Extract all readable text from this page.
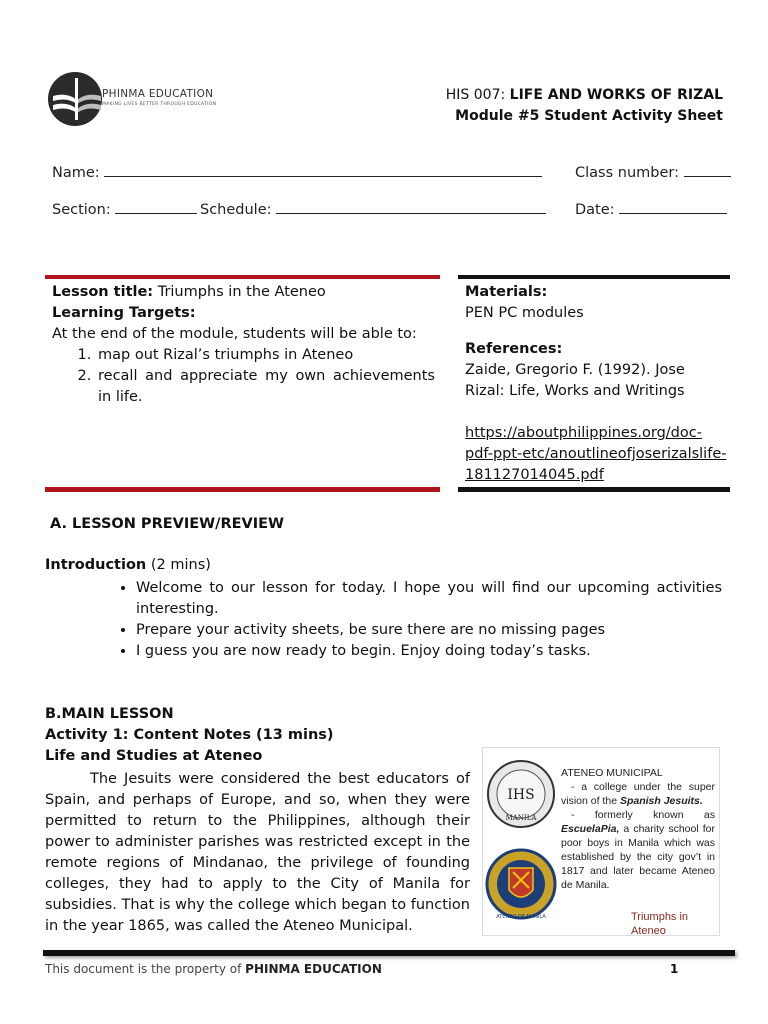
PHINMA EDUCATION
MAKING LIVES BETTER THROUGH EDUCATION
HIS 007: LIFE AND WORKS OF RIZAL
Module #5 Student Activity Sheet
Name:	Class number:
Section:	Schedule:	Date:
Lesson title: Triumphs in the Ateneo
Learning Targets:
At the end of the module, students will be able to:
1. map out Rizal’s triumphs in Ateneo
2. recall and appreciate my own achievements in life.
Materials:
PEN PC modules
References:
Zaide, Gregorio F. (1992). Jose Rizal: Life, Works and Writings
https://aboutphilippines.org/doc-
pdf-ppt-etc/anoutlineofjoserizalslife-
181127014045.pdf
A. LESSON PREVIEW/REVIEW
Introduction (2 mins)
• Welcome to our lesson for today. I hope you will find our upcoming activities interesting.
• Prepare your activity sheets, be sure there are no missing pages
• I guess you are now ready to begin. Enjoy doing today’s tasks.
B.MAIN LESSON
Activity 1: Content Notes (13 mins)
Life and Studies at Ateneo
The Jesuits were considered the best educators of Spain, and perhaps of Europe, and so, when they were permitted to return to the Philippines, although their power to administer parishes was restricted except in the remote regions of Mindanao, the privilege of founding colleges, they had to apply to the City of Manila for subsidies. That is why the college which began to function in the year 1865, was called the Ateneo Municipal.
IHS
MANILA
ATENEO DE MANILA
ATENEO MUNICIPAL
- a college under the super vision of the Spanish Jesuits.
- formerly known as EscuelaPia, a charity school for poor boys in Manila which was established by the city gov’t in 1817 and later became Ateneo de Manila.
Triumphs in Ateneo
This document is the property of PHINMA EDUCATION	1
